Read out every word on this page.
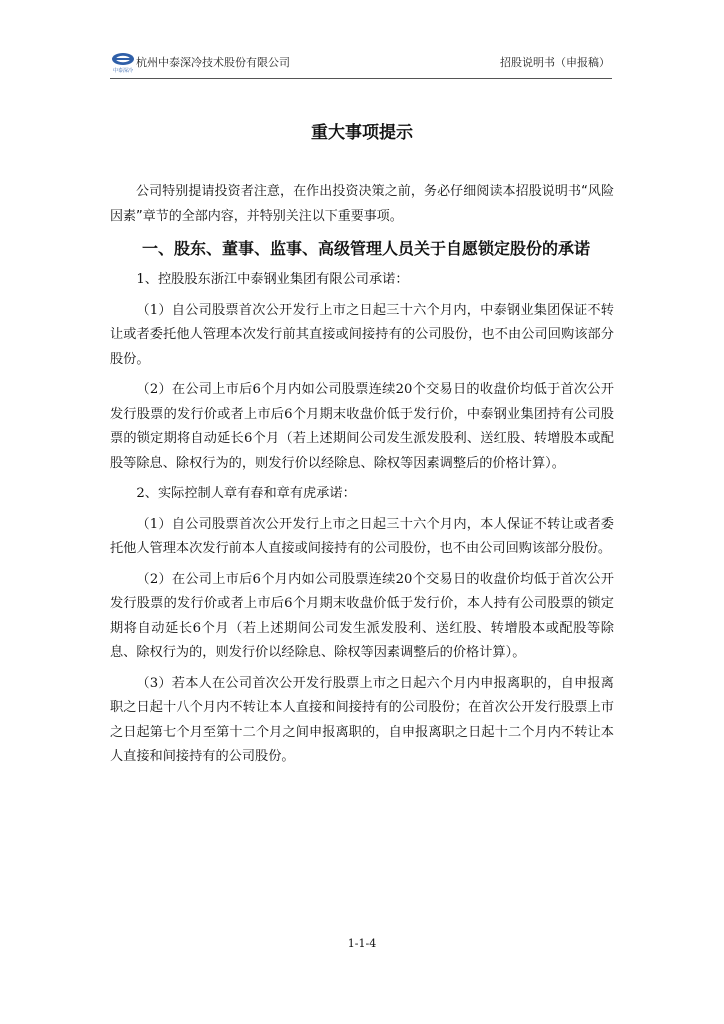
中泰深冷
杭州中泰深冷技术股份有限公司	招股说明书（申报稿）
重大事项提示

公司特别提请投资者注意，在作出投资决策之前，务必仔细阅读本招股说明书“风险因素”章节的全部内容，并特别关注以下重要事项。

一、股东、董事、监事、高级管理人员关于自愿锁定股份的承诺

1、控股股东浙江中泰钢业集团有限公司承诺：

（1）自公司股票首次公开发行上市之日起三十六个月内，中泰钢业集团保证不转让或者委托他人管理本次发行前其直接或间接持有的公司股份，也不由公司回购该部分股份。

（2）在公司上市后6个月内如公司股票连续20个交易日的收盘价均低于首次公开发行股票的发行价或者上市后6个月期末收盘价低于发行价，中泰钢业集团持有公司股票的锁定期将自动延长6个月（若上述期间公司发生派发股利、送红股、转增股本或配股等除息、除权行为的，则发行价以经除息、除权等因素调整后的价格计算）。

2、实际控制人章有春和章有虎承诺：

（1）自公司股票首次公开发行上市之日起三十六个月内，本人保证不转让或者委托他人管理本次发行前本人直接或间接持有的公司股份，也不由公司回购该部分股份。

（2）在公司上市后6个月内如公司股票连续20个交易日的收盘价均低于首次公开发行股票的发行价或者上市后6个月期末收盘价低于发行价，本人持有公司股票的锁定期将自动延长6个月（若上述期间公司发生派发股利、送红股、转增股本或配股等除息、除权行为的，则发行价以经除息、除权等因素调整后的价格计算）。

（3）若本人在公司首次公开发行股票上市之日起六个月内申报离职的，自申报离职之日起十八个月内不转让本人直接和间接持有的公司股份；在首次公开发行股票上市之日起第七个月至第十二个月之间申报离职的，自申报离职之日起十二个月内不转让本人直接和间接持有的公司股份。

1-1-4
